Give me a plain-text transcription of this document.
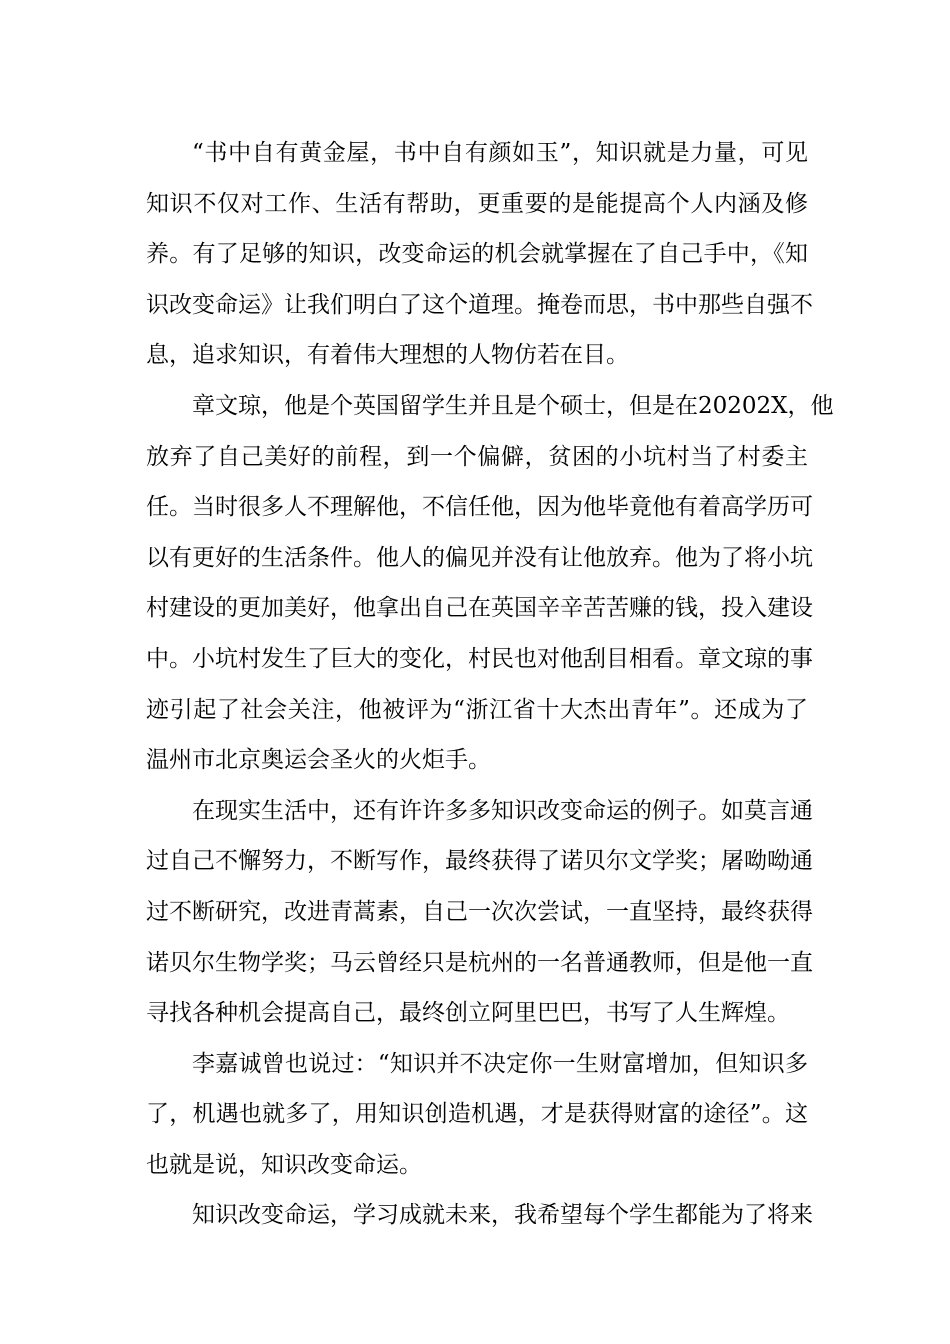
“书中自有黄金屋，书中自有颜如玉”，知识就是力量，可见
知识不仅对工作、生活有帮助，更重要的是能提高个人内涵及修
养。有了足够的知识，改变命运的机会就掌握在了自己手中，《知
识改变命运》让我们明白了这个道理。掩卷而思，书中那些自强不
息，追求知识，有着伟大理想的人物仿若在目。
章文琼，他是个英国留学生并且是个硕士，但是在20202X，他
放弃了自己美好的前程，到一个偏僻，贫困的小坑村当了村委主
任。当时很多人不理解他，不信任他，因为他毕竟他有着高学历可
以有更好的生活条件。他人的偏见并没有让他放弃。他为了将小坑
村建设的更加美好，他拿出自己在英国辛辛苦苦赚的钱，投入建设
中。小坑村发生了巨大的变化，村民也对他刮目相看。章文琼的事
迹引起了社会关注，他被评为“浙江省十大杰出青年”。还成为了
温州市北京奥运会圣火的火炬手。
在现实生活中，还有许许多多知识改变命运的例子。如莫言通
过自己不懈努力，不断写作，最终获得了诺贝尔文学奖；屠呦呦通
过不断研究，改进青蒿素，自己一次次尝试，一直坚持，最终获得
诺贝尔生物学奖；马云曾经只是杭州的一名普通教师，但是他一直
寻找各种机会提高自己，最终创立阿里巴巴，书写了人生辉煌。
李嘉诚曾也说过：“知识并不决定你一生财富增加，但知识多
了，机遇也就多了，用知识创造机遇，才是获得财富的途径”。这
也就是说，知识改变命运。
知识改变命运，学习成就未来，我希望每个学生都能为了将来
